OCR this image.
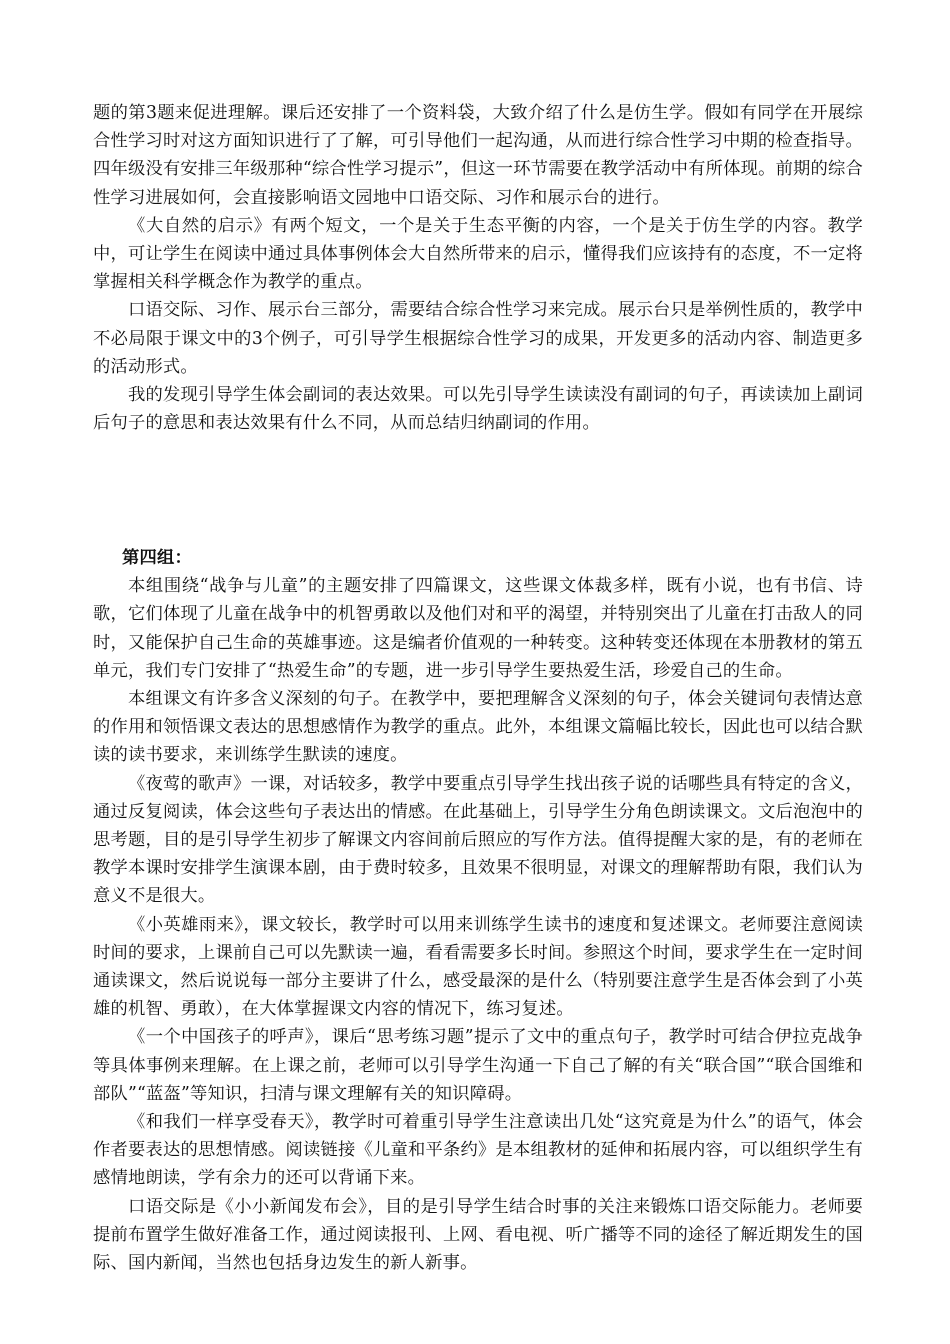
题的第3题来促进理解。课后还安排了一个资料袋，大致介绍了什么是仿生学。假如有同学在开展综合性学习时对这方面知识进行了了解，可引导他们一起沟通，从而进行综合性学习中期的检查指导。四年级没有安排三年级那种“综合性学习提示”，但这一环节需要在教学活动中有所体现。前期的综合性学习进展如何，会直接影响语文园地中口语交际、习作和展示台的进行。

《大自然的启示》有两个短文，一个是关于生态平衡的内容，一个是关于仿生学的内容。教学中，可让学生在阅读中通过具体事例体会大自然所带来的启示，懂得我们应该持有的态度，不一定将掌握相关科学概念作为教学的重点。

口语交际、习作、展示台三部分，需要结合综合性学习来完成。展示台只是举例性质的，教学中不必局限于课文中的3个例子，可引导学生根据综合性学习的成果，开发更多的活动内容、制造更多的活动形式。

我的发现引导学生体会副词的表达效果。可以先引导学生读读没有副词的句子，再读读加上副词后句子的意思和表达效果有什么不同，从而总结归纳副词的作用。

第四组：

本组围绕“战争与儿童”的主题安排了四篇课文，这些课文体裁多样，既有小说，也有书信、诗歌，它们体现了儿童在战争中的机智勇敢以及他们对和平的渴望，并特别突出了儿童在打击敌人的同时，又能保护自己生命的英雄事迹。这是编者价值观的一种转变。这种转变还体现在本册教材的第五单元，我们专门安排了“热爱生命”的专题，进一步引导学生要热爱生活，珍爱自己的生命。

本组课文有许多含义深刻的句子。在教学中，要把理解含义深刻的句子，体会关键词句表情达意的作用和领悟课文表达的思想感情作为教学的重点。此外，本组课文篇幅比较长，因此也可以结合默读的读书要求，来训练学生默读的速度。

《夜莺的歌声》一课，对话较多，教学中要重点引导学生找出孩子说的话哪些具有特定的含义，通过反复阅读，体会这些句子表达出的情感。在此基础上，引导学生分角色朗读课文。文后泡泡中的思考题，目的是引导学生初步了解课文内容间前后照应的写作方法。值得提醒大家的是，有的老师在教学本课时安排学生演课本剧，由于费时较多，且效果不很明显，对课文的理解帮助有限，我们认为意义不是很大。

《小英雄雨来》，课文较长，教学时可以用来训练学生读书的速度和复述课文。老师要注意阅读时间的要求，上课前自己可以先默读一遍，看看需要多长时间。参照这个时间，要求学生在一定时间通读课文，然后说说每一部分主要讲了什么，感受最深的是什么（特别要注意学生是否体会到了小英雄的机智、勇敢），在大体掌握课文内容的情况下，练习复述。

《一个中国孩子的呼声》，课后“思考练习题”提示了文中的重点句子，教学时可结合伊拉克战争等具体事例来理解。在上课之前，老师可以引导学生沟通一下自己了解的有关“联合国”“联合国维和部队”“蓝盔”等知识，扫清与课文理解有关的知识障碍。

《和我们一样享受春天》，教学时可着重引导学生注意读出几处“这究竟是为什么”的语气，体会作者要表达的思想情感。阅读链接《儿童和平条约》是本组教材的延伸和拓展内容，可以组织学生有感情地朗读，学有余力的还可以背诵下来。

口语交际是《小小新闻发布会》，目的是引导学生结合时事的关注来锻炼口语交际能力。老师要提前布置学生做好准备工作，通过阅读报刊、上网、看电视、听广播等不同的途径了解近期发生的国际、国内新闻，当然也包括身边发生的新人新事。
